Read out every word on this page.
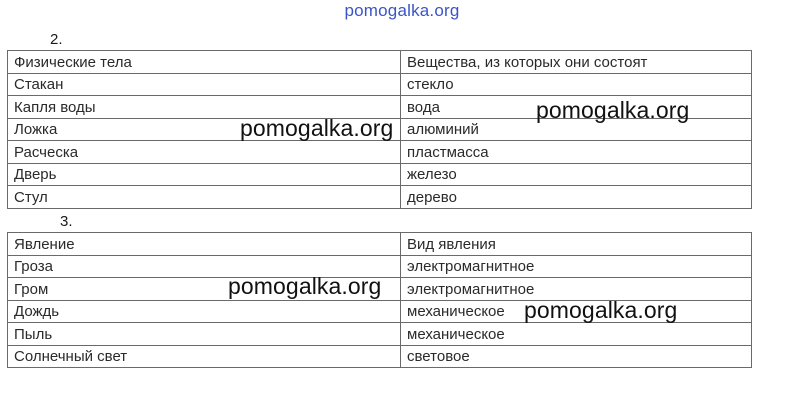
pomogalka.org
2.
Физические тела	Вещества, из которых они состоят
Стакан	стекло
Капля воды	вода
Ложка	алюминий
Расческа	пластмасса
Дверь	железо
Стул	дерево
3.
Явление	Вид явления
Гроза	электромагнитное
Гром	электромагнитное
Дождь	механическое
Пыль	механическое
Солнечный свет	световое
pomogalka.org
pomogalka.org
pomogalka.org
pomogalka.org
